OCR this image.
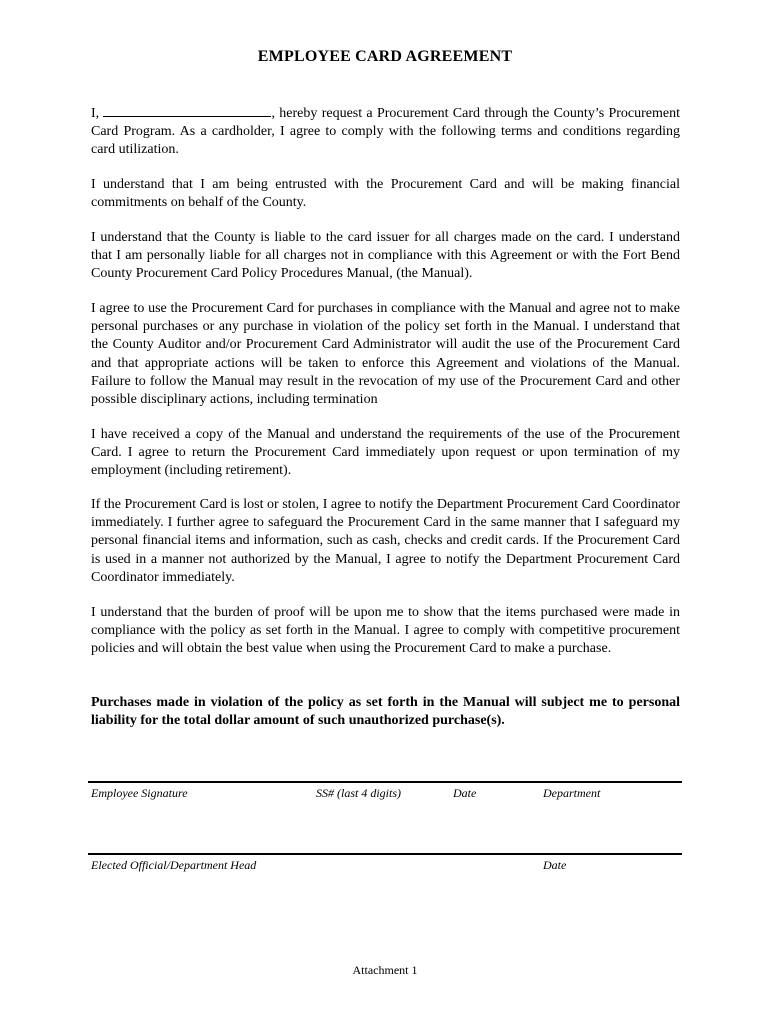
EMPLOYEE CARD AGREEMENT
I,	, hereby request a Procurement Card through the County’s Procurement Card Program. As a cardholder, I agree to comply with the following terms and conditions regarding card utilization.
I understand that I am being entrusted with the Procurement Card and will be making financial commitments on behalf of the County.
I understand that the County is liable to the card issuer for all charges made on the card. I understand that I am personally liable for all charges not in compliance with this Agreement or with the Fort Bend County Procurement Card Policy Procedures Manual, (the Manual).
I agree to use the Procurement Card for purchases in compliance with the Manual and agree not to make personal purchases or any purchase in violation of the policy set forth in the Manual. I understand that the County Auditor and/or Procurement Card Administrator will audit the use of the Procurement Card and that appropriate actions will be taken to enforce this Agreement and violations of the Manual. Failure to follow the Manual may result in the revocation of my use of the Procurement Card and other possible disciplinary actions, including termination
I have received a copy of the Manual and understand the requirements of the use of the Procurement Card. I agree to return the Procurement Card immediately upon request or upon termination of my employment (including retirement).
If the Procurement Card is lost or stolen, I agree to notify the Department Procurement Card Coordinator immediately. I further agree to safeguard the Procurement Card in the same manner that I safeguard my personal financial items and information, such as cash, checks and credit cards. If the Procurement Card is used in a manner not authorized by the Manual, I agree to notify the Department Procurement Card Coordinator immediately.
I understand that the burden of proof will be upon me to show that the items purchased were made in compliance with the policy as set forth in the Manual. I agree to comply with competitive procurement policies and will obtain the best value when using the Procurement Card to make a purchase.
Purchases made in violation of the policy as set forth in the Manual will subject me to personal liability for the total dollar amount of such unauthorized purchase(s).
Employee Signature	SS# (last 4 digits)	Date	Department
Elected Official/Department Head	Date
Attachment 1
